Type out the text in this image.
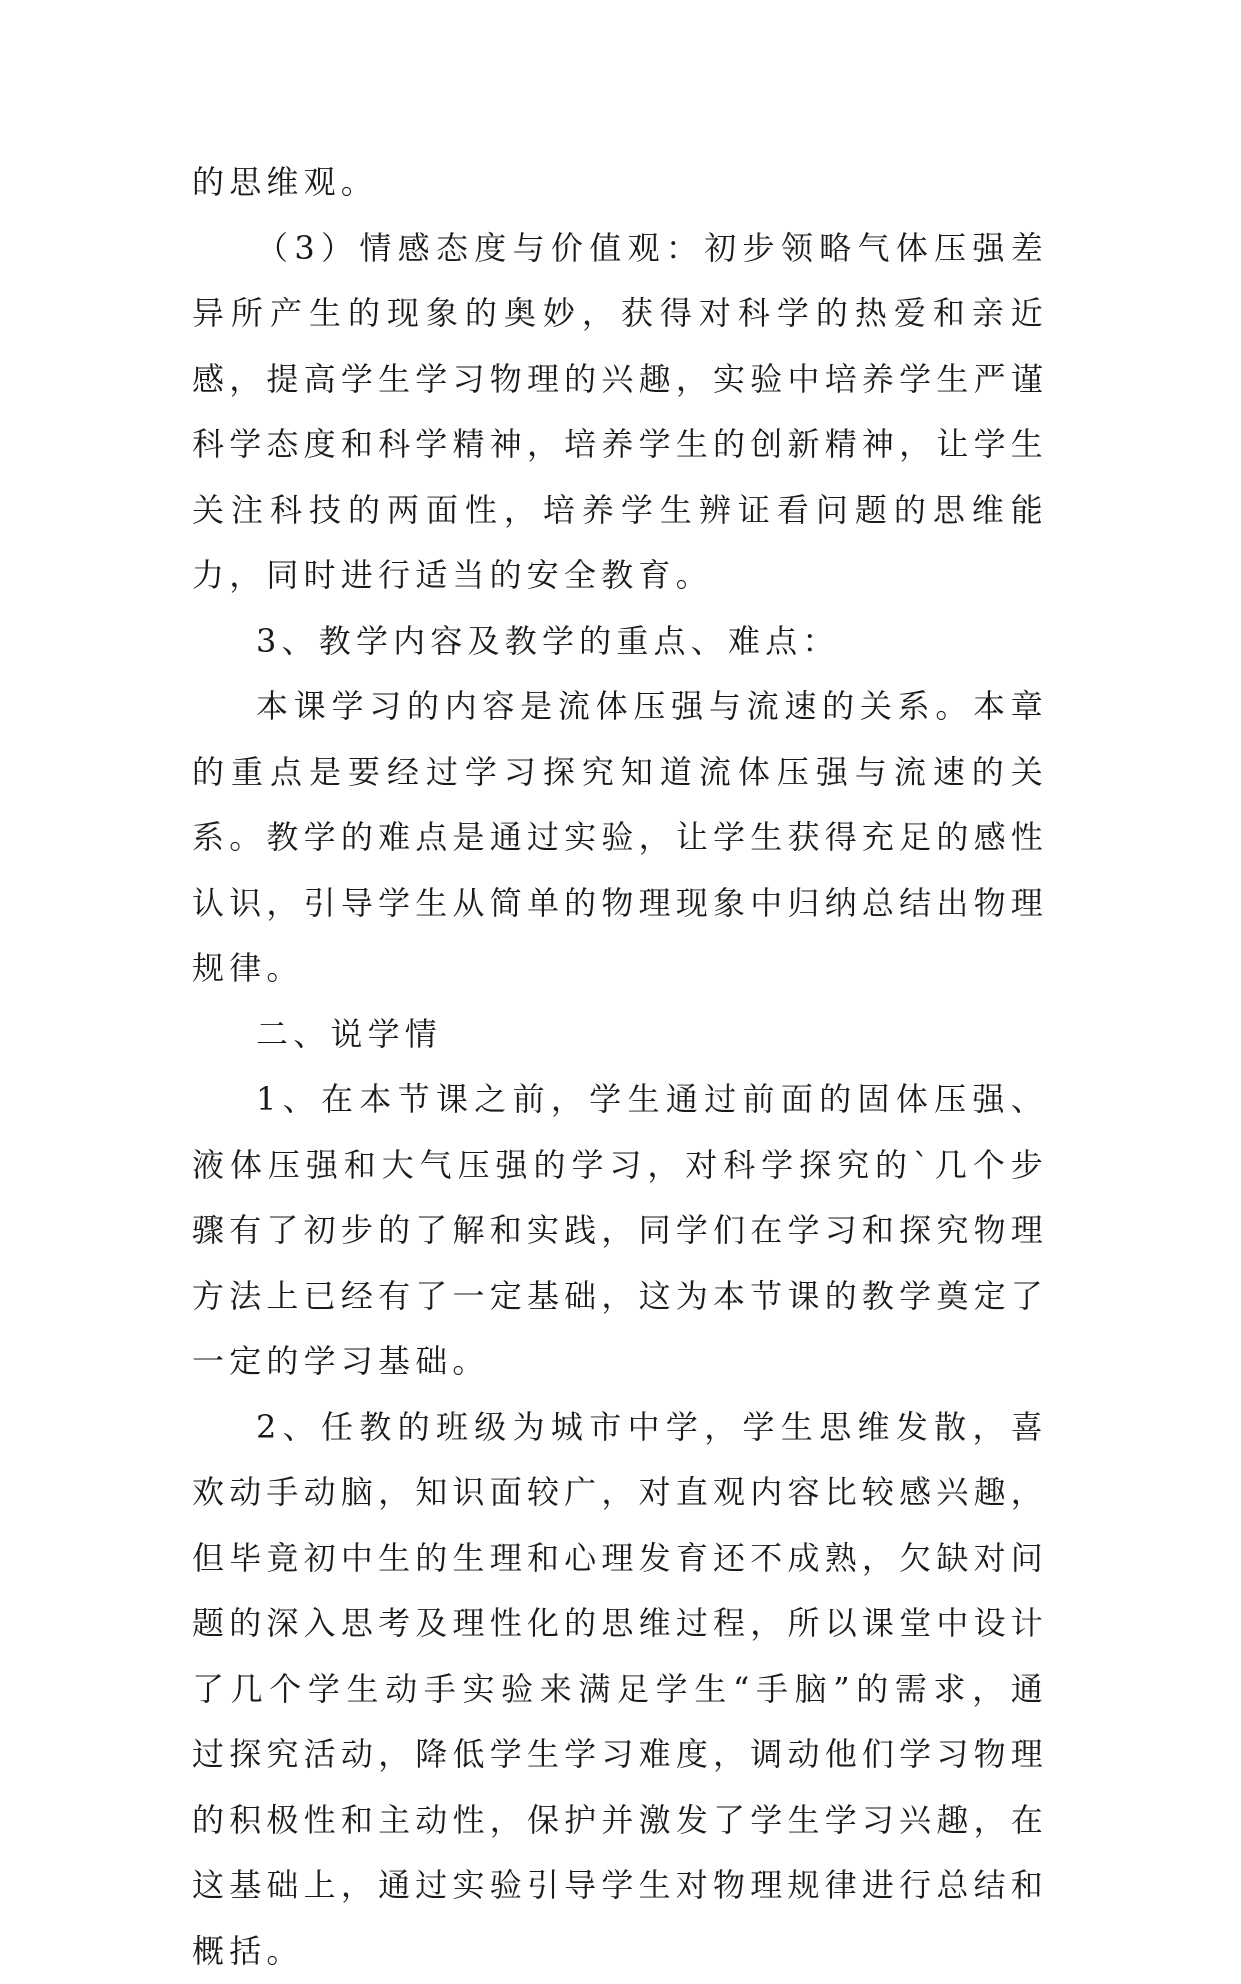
的思维观。

（3）情感态度与价值观：初步领略气体压强差异所产生的现象的奥妙，获得对科学的热爱和亲近感，提高学生学习物理的兴趣，实验中培养学生严谨科学态度和科学精神，培养学生的创新精神，让学生关注科技的两面性，培养学生辨证看问题的思维能力，同时进行适当的安全教育。

3、教学内容及教学的重点、难点：

本课学习的内容是流体压强与流速的关系。本章的重点是要经过学习探究知道流体压强与流速的关系。教学的难点是通过实验，让学生获得充足的感性认识，引导学生从简单的物理现象中归纳总结出物理规律。

二、说学情

1、在本节课之前，学生通过前面的固体压强、液体压强和大气压强的学习，对科学探究的`几个步骤有了初步的了解和实践，同学们在学习和探究物理方法上已经有了一定基础，这为本节课的教学奠定了一定的学习基础。

2、任教的班级为城市中学，学生思维发散，喜欢动手动脑，知识面较广，对直观内容比较感兴趣，但毕竟初中生的生理和心理发育还不成熟，欠缺对问题的深入思考及理性化的思维过程，所以课堂中设计了几个学生动手实验来满足学生“手脑”的需求，通过探究活动，降低学生学习难度，调动他们学习物理的积极性和主动性，保护并激发了学生学习兴趣，在这基础上，通过实验引导学生对物理规律进行总结和概括。
